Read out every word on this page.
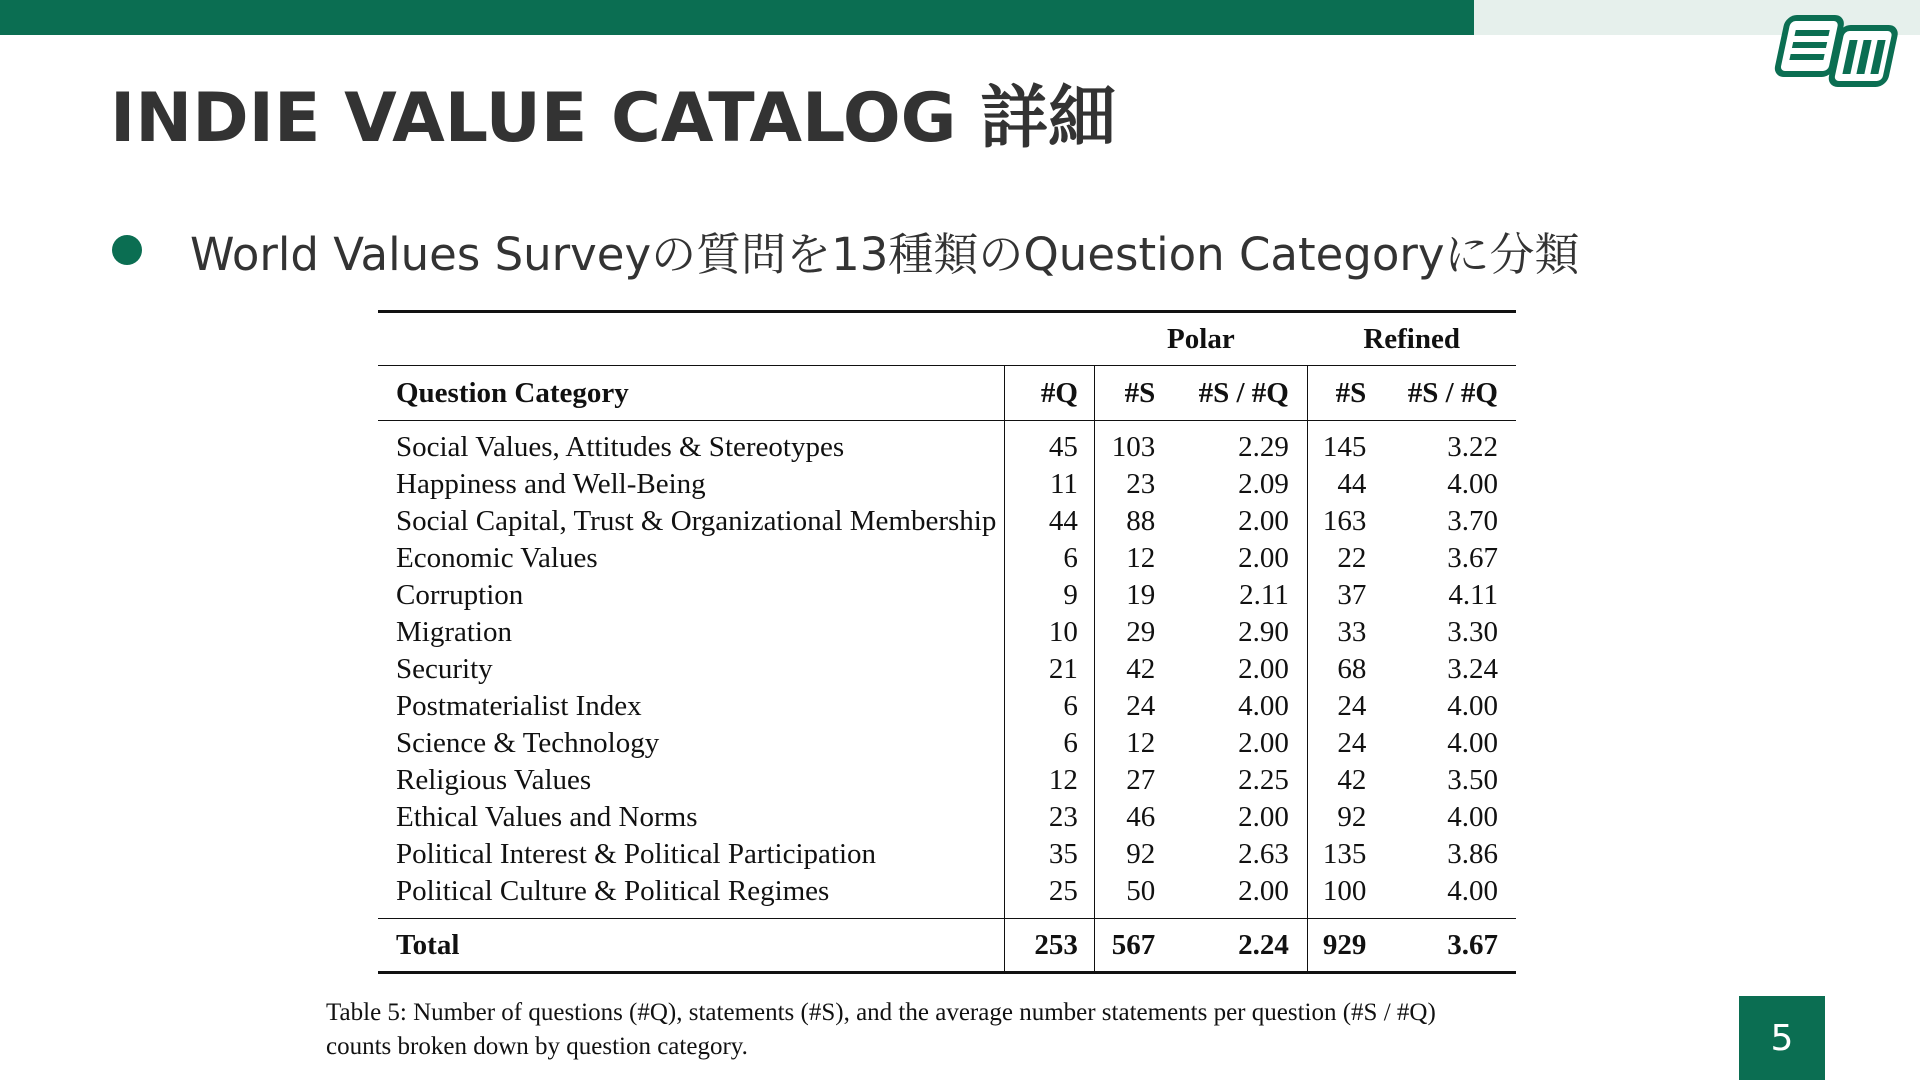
INDIE VALUE CATALOG 詳細
World Values Surveyの質問を13種類のQuestion Categoryに分類
		Polar		Refined	
Question Category	#Q	#S	#S / #Q	#S	#S / #Q
Social Values, Attitudes & Stereotypes	45	103	2.29	145	3.22
Happiness and Well-Being	11	23	2.09	44	4.00
Social Capital, Trust & Organizational Membership	44	88	2.00	163	3.70
Economic Values	6	12	2.00	22	3.67
Corruption	9	19	2.11	37	4.11
Migration	10	29	2.90	33	3.30
Security	21	42	2.00	68	3.24
Postmaterialist Index	6	24	4.00	24	4.00
Science & Technology	6	12	2.00	24	4.00
Religious Values	12	27	2.25	42	3.50
Ethical Values and Norms	23	46	2.00	92	4.00
Political Interest & Political Participation	35	92	2.63	135	3.86
Political Culture & Political Regimes	25	50	2.00	100	4.00
Total	253	567	2.24	929	3.67
Table 5: Number of questions (#Q), statements (#S), and the average number statements per question (#S / #Q)
counts broken down by question category.	5
